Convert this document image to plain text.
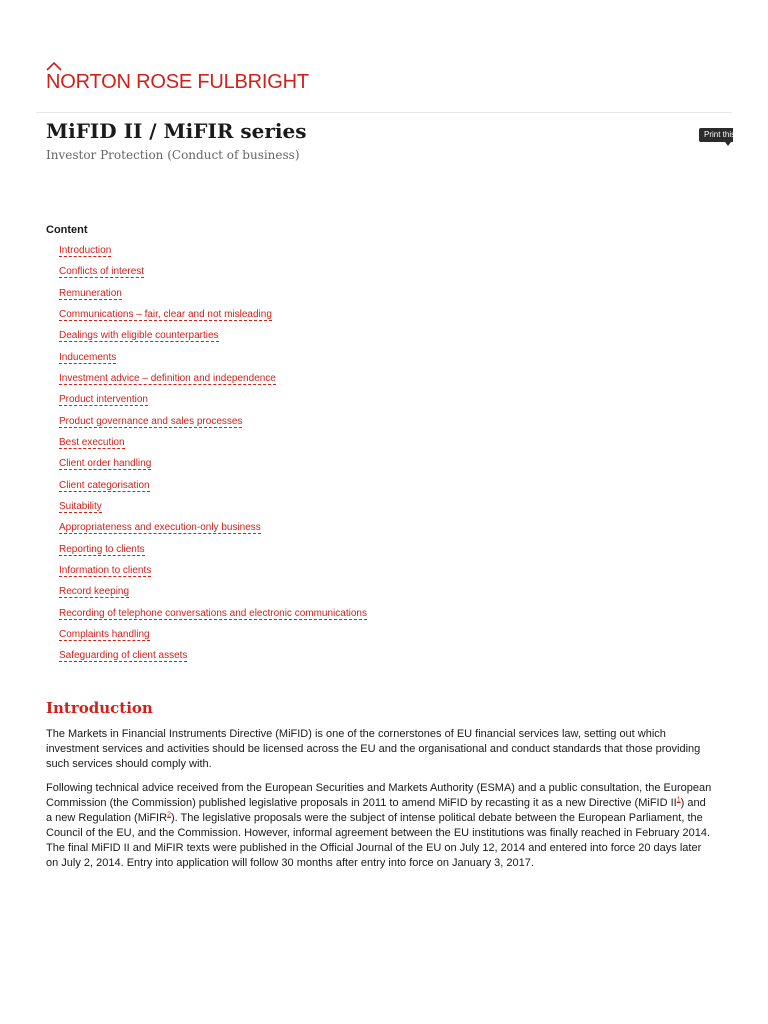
NORTON ROSE FULBRIGHT
MiFID II / MiFIR series

Investor Protection (Conduct of business)

Print this page
Content
Introduction
Conflicts of interest
Remuneration
Communications – fair, clear and not misleading
Dealings with eligible counterparties
Inducements
Investment advice – definition and independence
Product intervention
Product governance and sales processes
Best execution
Client order handling
Client categorisation
Suitability
Appropriateness and execution-only business
Reporting to clients
Information to clients
Record keeping
Recording of telephone conversations and electronic communications
Complaints handling
Safeguarding of client assets
Introduction

The Markets in Financial Instruments Directive (MiFID) is one of the cornerstones of EU financial services law, setting out which investment services and activities should be licensed across the EU and the organisational and conduct standards that those providing such services should comply with.

Following technical advice received from the European Securities and Markets Authority (ESMA) and a public consultation, the European Commission (the Commission) published legislative proposals in 2011 to amend MiFID by recasting it as a new Directive (MiFID II$^1$) and a new Regulation (MiFIR$^2$). The legislative proposals were the subject of intense political debate between the European Parliament, the Council of the EU, and the Commission. However, informal agreement between the EU institutions was finally reached in February 2014. The final MiFID II and MiFIR texts were published in the Official Journal of the EU on July 12, 2014 and entered into force 20 days later on July 2, 2014. Entry into application will follow 30 months after entry into force on January 3, 2017.
